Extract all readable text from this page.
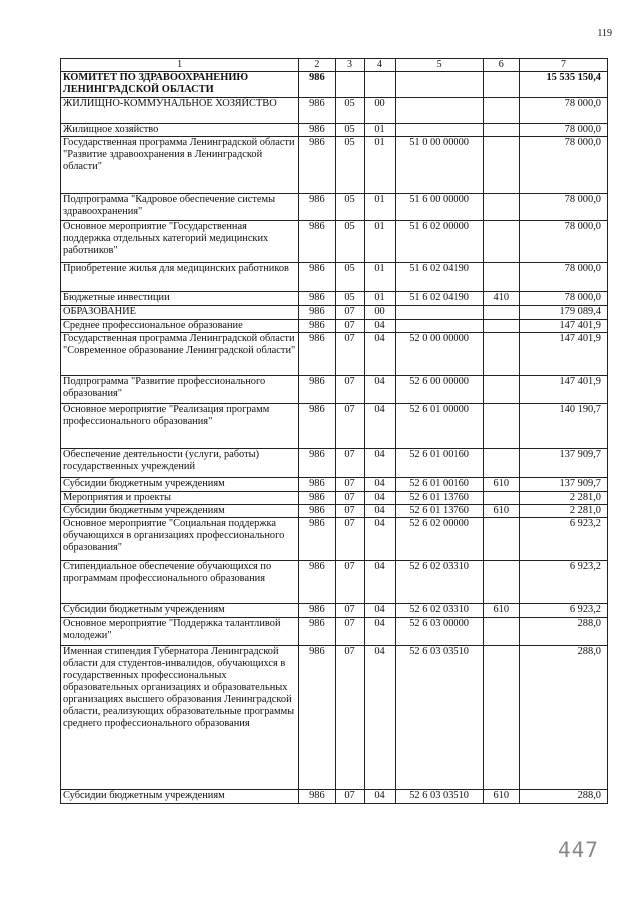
119
1	2	3	4	5	6	7
КОМИТЕТ ПО ЗДРАВООХРАНЕНИЮ ЛЕНИНГРАДСКОЙ ОБЛАСТИ	986					15 535 150,4
ЖИЛИЩНО-КОММУНАЛЬНОЕ ХОЗЯЙСТВО	986	05	00			78 000,0
Жилищное хозяйство	986	05	01			78 000,0
Государственная программа Ленинградской области "Развитие здравоохранения в Ленинградской области"	986	05	01	51 0 00 00000		78 000,0
Подпрограмма "Кадровое обеспечение системы здравоохранения"	986	05	01	51 6 00 00000		78 000,0
Основное мероприятие "Государственная поддержка отдельных категорий медицинских работников"	986	05	01	51 6 02 00000		78 000,0
Приобретение жилья для медицинских работников	986	05	01	51 6 02 04190		78 000,0
Бюджетные инвестиции	986	05	01	51 6 02 04190	410	78 000,0
ОБРАЗОВАНИЕ	986	07	00			179 089,4
Среднее профессиональное образование	986	07	04			147 401,9
Государственная программа Ленинградской области "Современное образование Ленинградской области"	986	07	04	52 0 00 00000		147 401,9
Подпрограмма "Развитие профессионального образования"	986	07	04	52 6 00 00000		147 401,9
Основное мероприятие "Реализация программ профессионального образования"	986	07	04	52 6 01 00000		140 190,7
Обеспечение деятельности (услуги, работы) государственных учреждений	986	07	04	52 6 01 00160		137 909,7
Субсидии бюджетным учреждениям	986	07	04	52 6 01 00160	610	137 909,7
Мероприятия и проекты	986	07	04	52 6 01 13760		2 281,0
Субсидии бюджетным учреждениям	986	07	04	52 6 01 13760	610	2 281,0
Основное мероприятие "Социальная поддержка обучающихся в организациях профессионального образования"	986	07	04	52 6 02 00000		6 923,2
Стипендиальное обеспечение обучающихся по программам профессионального образования	986	07	04	52 6 02 03310		6 923,2
Субсидии бюджетным учреждениям	986	07	04	52 6 02 03310	610	6 923,2
Основное мероприятие "Поддержка талантливой молодежи"	986	07	04	52 6 03 00000		288,0
Именная стипендия Губернатора Ленинградской области для студентов-инвалидов, обучающихся в государственных профессиональных образовательных организациях и образовательных организациях высшего образования Ленинградской области, реализующих образовательные программы среднего профессионального образования	986	07	04	52 6 03 03510		288,0
Субсидии бюджетным учреждениям	986	07	04	52 6 03 03510	610	288,0
447
